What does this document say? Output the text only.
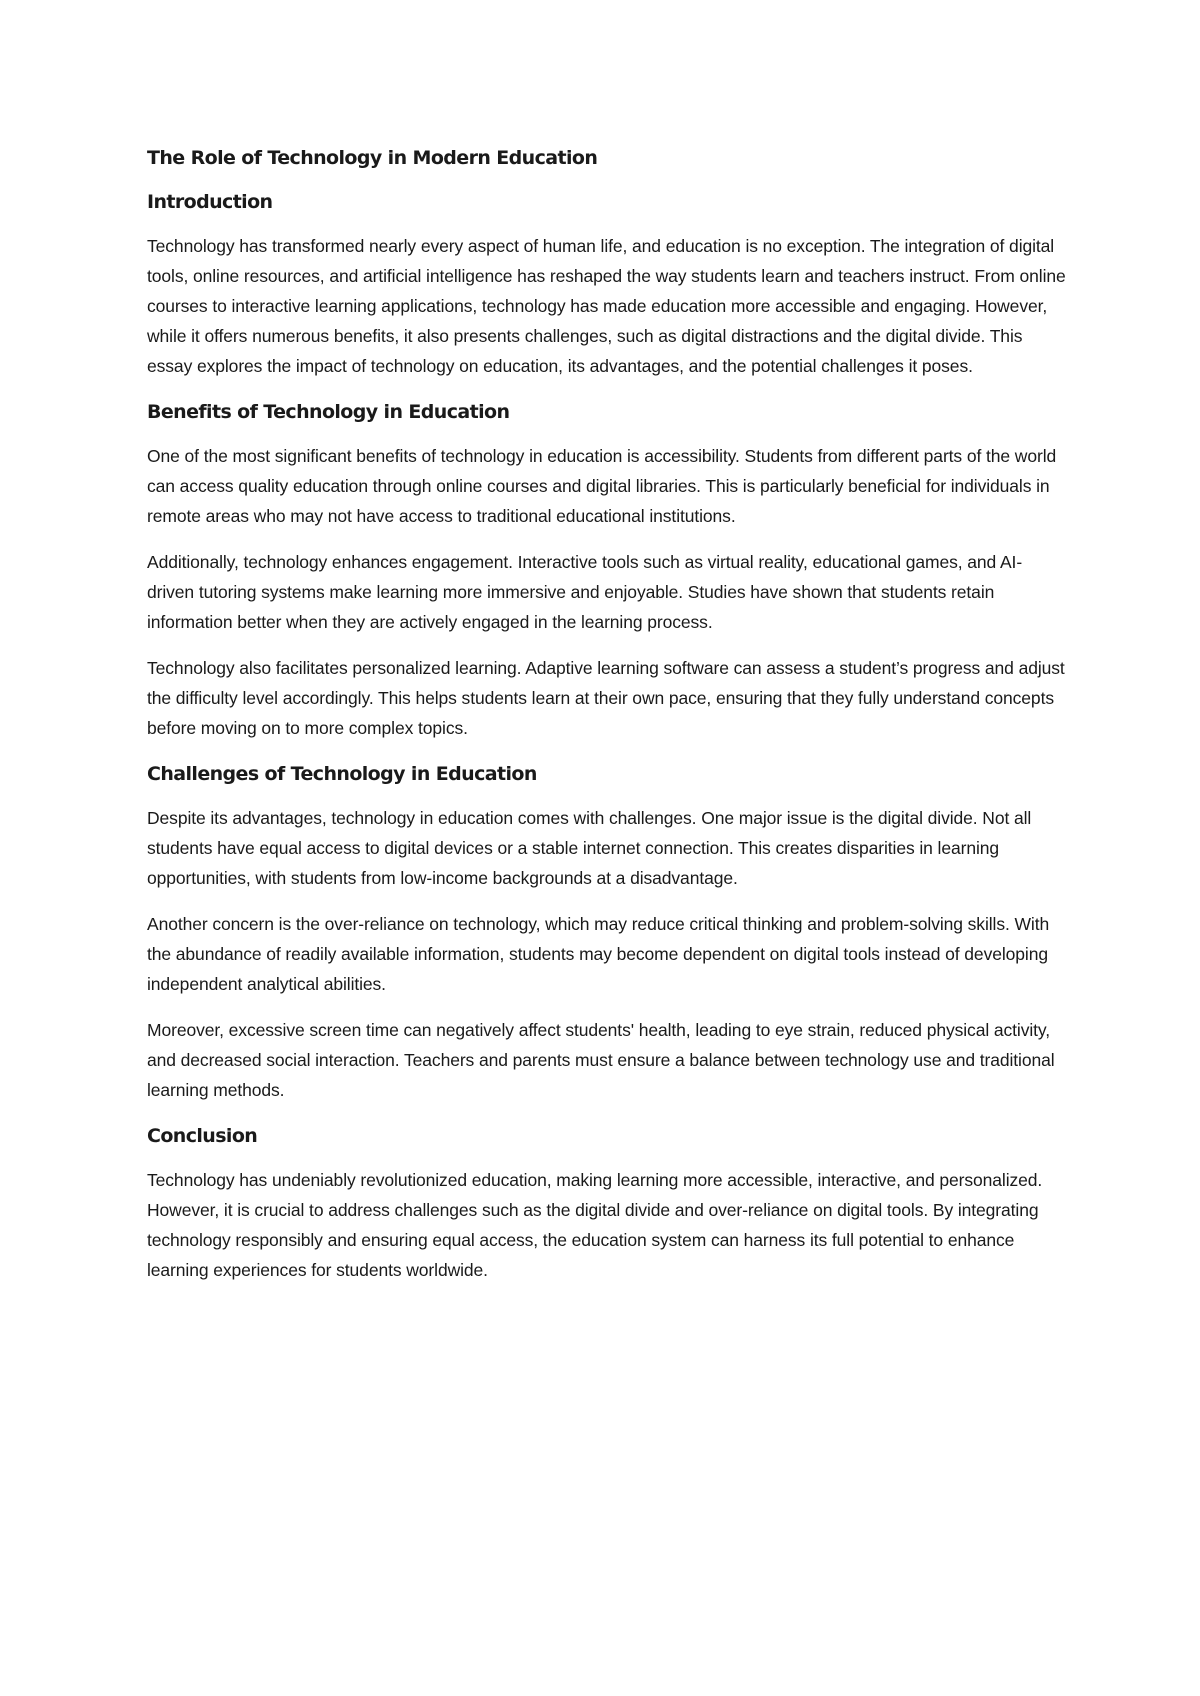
The Role of Technology in Modern Education
Introduction

Technology has transformed nearly every aspect of human life, and education is no exception. The integration of digital tools, online resources, and artificial intelligence has reshaped the way students learn and teachers instruct. From online courses to interactive learning applications, technology has made education more accessible and engaging. However, while it offers numerous benefits, it also presents challenges, such as digital distractions and the digital divide. This essay explores the impact of technology on education, its advantages, and the potential challenges it poses.

Benefits of Technology in Education

One of the most significant benefits of technology in education is accessibility. Students from different parts of the world can access quality education through online courses and digital libraries. This is particularly beneficial for individuals in remote areas who may not have access to traditional educational institutions.

Additionally, technology enhances engagement. Interactive tools such as virtual reality, educational games, and AI-driven tutoring systems make learning more immersive and enjoyable. Studies have shown that students retain information better when they are actively engaged in the learning process.

Technology also facilitates personalized learning. Adaptive learning software can assess a student’s progress and adjust the difficulty level accordingly. This helps students learn at their own pace, ensuring that they fully understand concepts before moving on to more complex topics.

Challenges of Technology in Education

Despite its advantages, technology in education comes with challenges. One major issue is the digital divide. Not all students have equal access to digital devices or a stable internet connection. This creates disparities in learning opportunities, with students from low-income backgrounds at a disadvantage.

Another concern is the over-reliance on technology, which may reduce critical thinking and problem-solving skills. With the abundance of readily available information, students may become dependent on digital tools instead of developing independent analytical abilities.

Moreover, excessive screen time can negatively affect students' health, leading to eye strain, reduced physical activity, and decreased social interaction. Teachers and parents must ensure a balance between technology use and traditional learning methods.

Conclusion

Technology has undeniably revolutionized education, making learning more accessible, interactive, and personalized. However, it is crucial to address challenges such as the digital divide and over-reliance on digital tools. By integrating technology responsibly and ensuring equal access, the education system can harness its full potential to enhance learning experiences for students worldwide.
